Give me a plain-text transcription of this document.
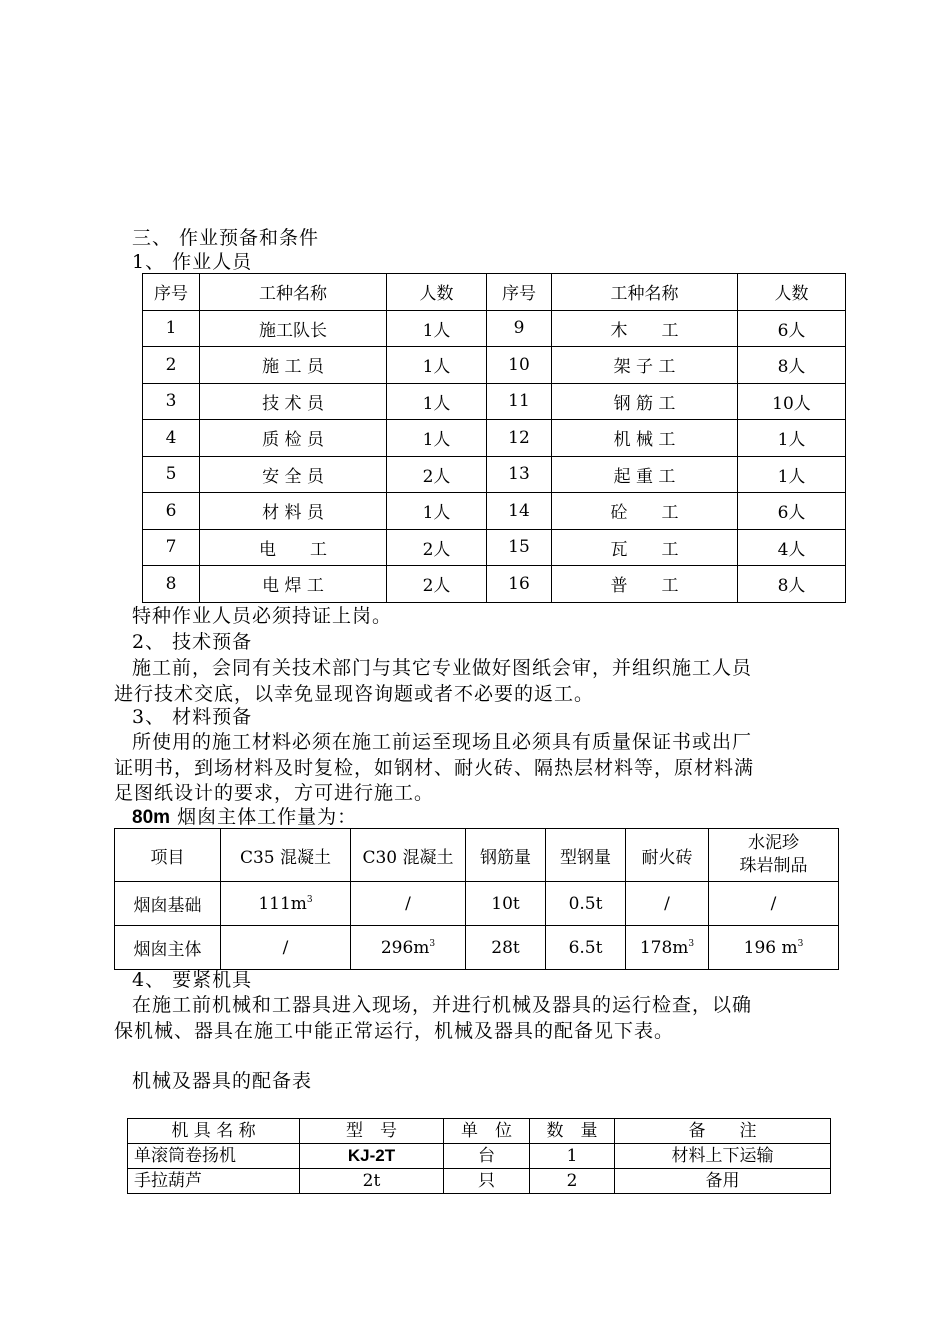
三、 作业预备和条件
1、 作业人员
序号	工种名称	人数	序号	工种名称	人数
1	施工队长	1人	9	木　　工	6人
2	施 工 员	1人	10	架 子 工	8人
3	技 术 员	1人	11	钢 筋 工	10人
4	质 检 员	1人	12	机 械 工	1人
5	安 全 员	2人	13	起 重 工	1人
6	材 料 员	1人	14	砼　　工	6人
7	电　　工	2人	15	瓦　　工	4人
8	电 焊 工	2人	16	普　　工	8人
特种作业人员必须持证上岗。
2、 技术预备
施工前，会同有关技术部门与其它专业做好图纸会审，并组织施工人员
进行技术交底，以幸免显现咨询题或者不必要的返工。
3、 材料预备
所使用的施工材料必须在施工前运至现场且必须具有质量保证书或出厂
证明书，到场材料及时复检，如钢材、耐火砖、隔热层材料等，原材料满
足图纸设计的要求，方可进行施工。
80m 烟囱主体工作量为：
项目	C35 混凝土	C30 混凝土	钢筋量	型钢量	耐火砖	水泥珍
珠岩制品

烟囱基础	$111m^3$	/	10t	0.5t	/	/
烟囱主体	/	$296m^3$	28t	6.5t	$178m^3$	196 $m^3$
4、 要紧机具
在施工前机械和工器具进入现场，并进行机械及器具的运行检查，以确
保机械、器具在施工中能正常运行，机械及器具的配备见下表。
机械及器具的配备表
机 具 名 称	型　号	单　位	数　量	备　　注
单滚筒卷扬机	KJ-2T	台	1	材料上下运输
手拉葫芦	2t	只	2	备用
